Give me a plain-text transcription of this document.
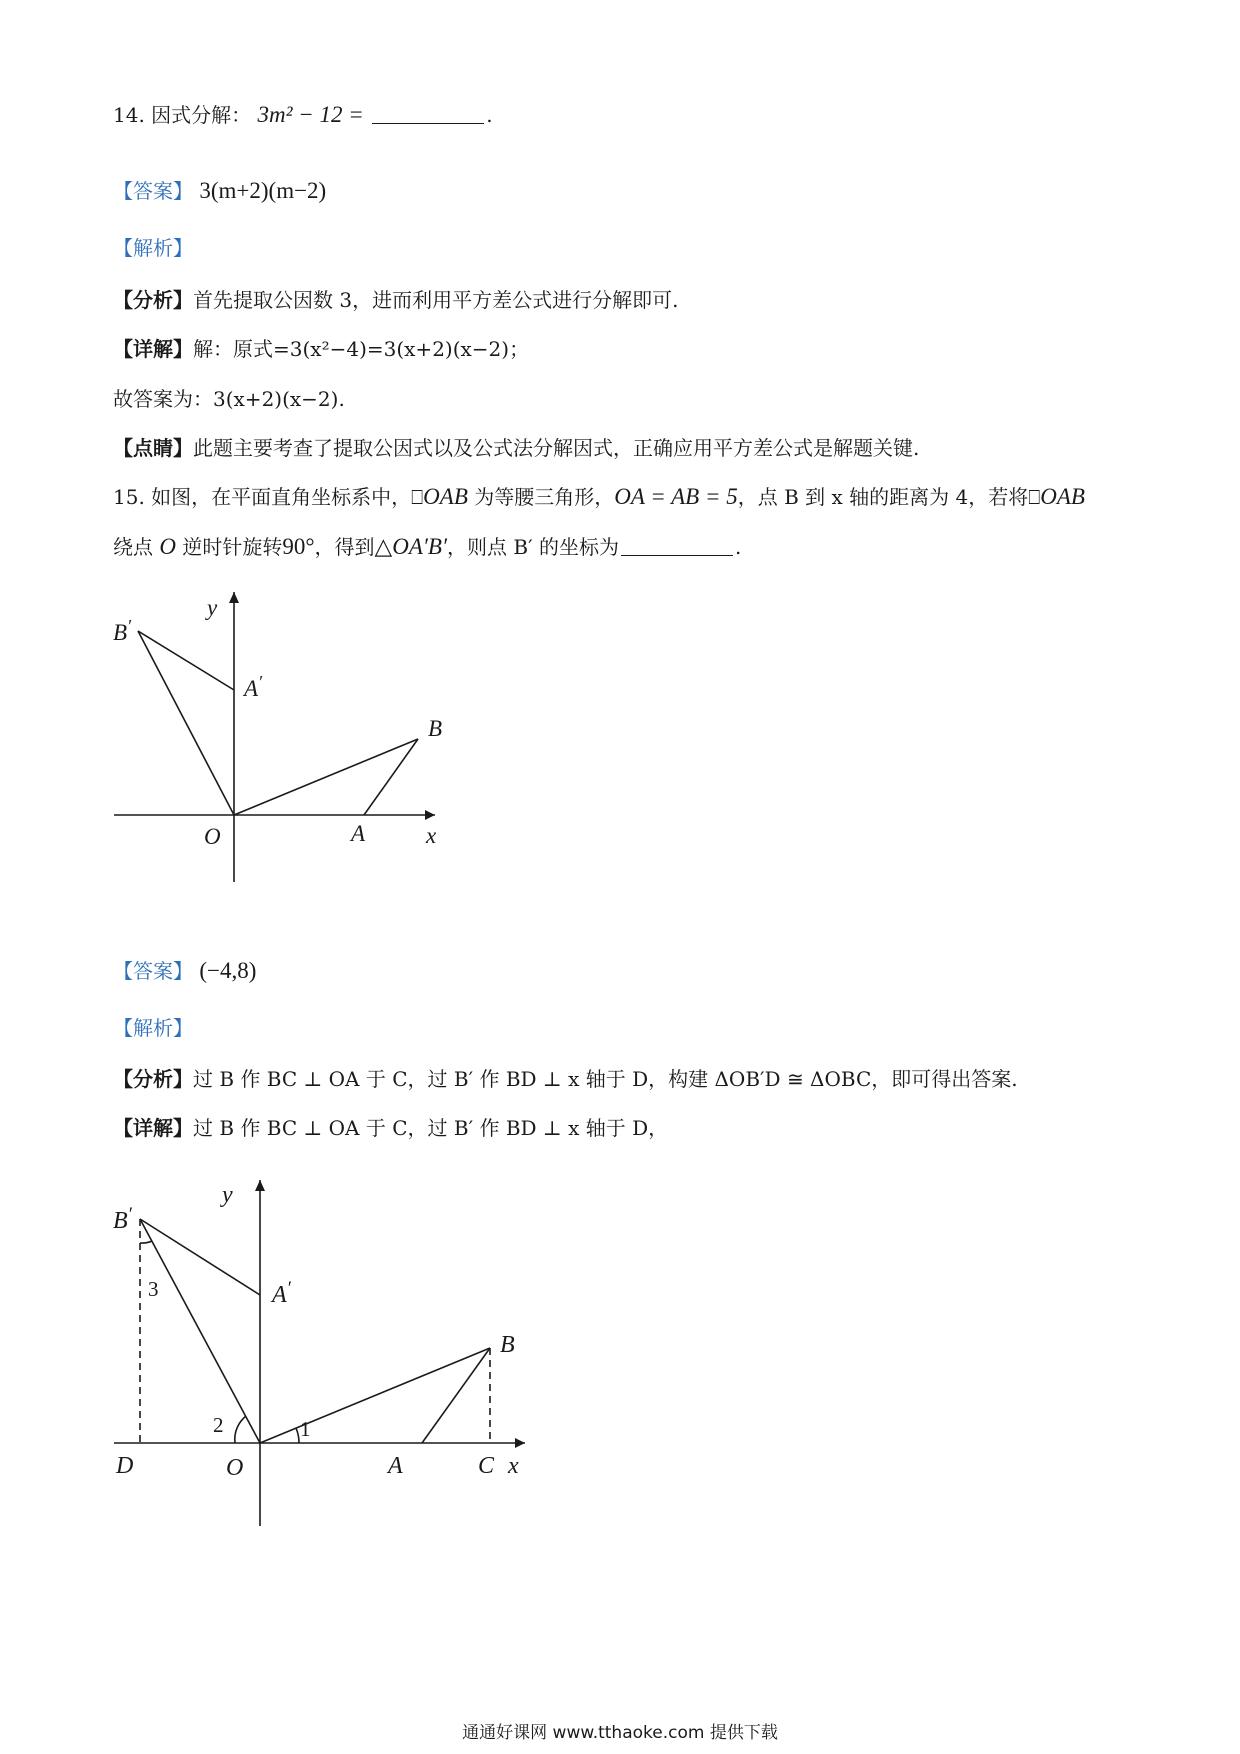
14. 因式分解： 3m² − 12 =	.
【答案】 3(m+2)(m−2)
【解析】
【分析】首先提取公因数 3，进而利用平方差公式进行分解即可.
【详解】解：原式=3(x²−4)=3(x+2)(x−2)；
故答案为：3(x+2)(x−2).
【点睛】此题主要考查了提取公因式以及公式法分解因式，正确应用平方差公式是解题关键.
15. 如图，在平面直角坐标系中，⎕OAB 为等腰三角形，OA = AB = 5，点 B 到 x 轴的距离为 4，若将⎕OAB
绕点 O 逆时针旋转90°，得到△OA′B′，则点 B′ 的坐标为	.
B′
y
A′
B
O	A	x
【答案】 (−4,8)
【解析】
【分析】过 B 作 BC ⊥ OA 于 C，过 B′ 作 BD ⊥ x 轴于 D，构建 ΔOB′D ≅ ΔOBC，即可得出答案.
【详解】过 B 作 BC ⊥ OA 于 C，过 B′ 作 BD ⊥ x 轴于 D，
B′
y
A′
B
D	O	A	C x
1
2
3
通通好课网 www.tthaoke.com 提供下载
